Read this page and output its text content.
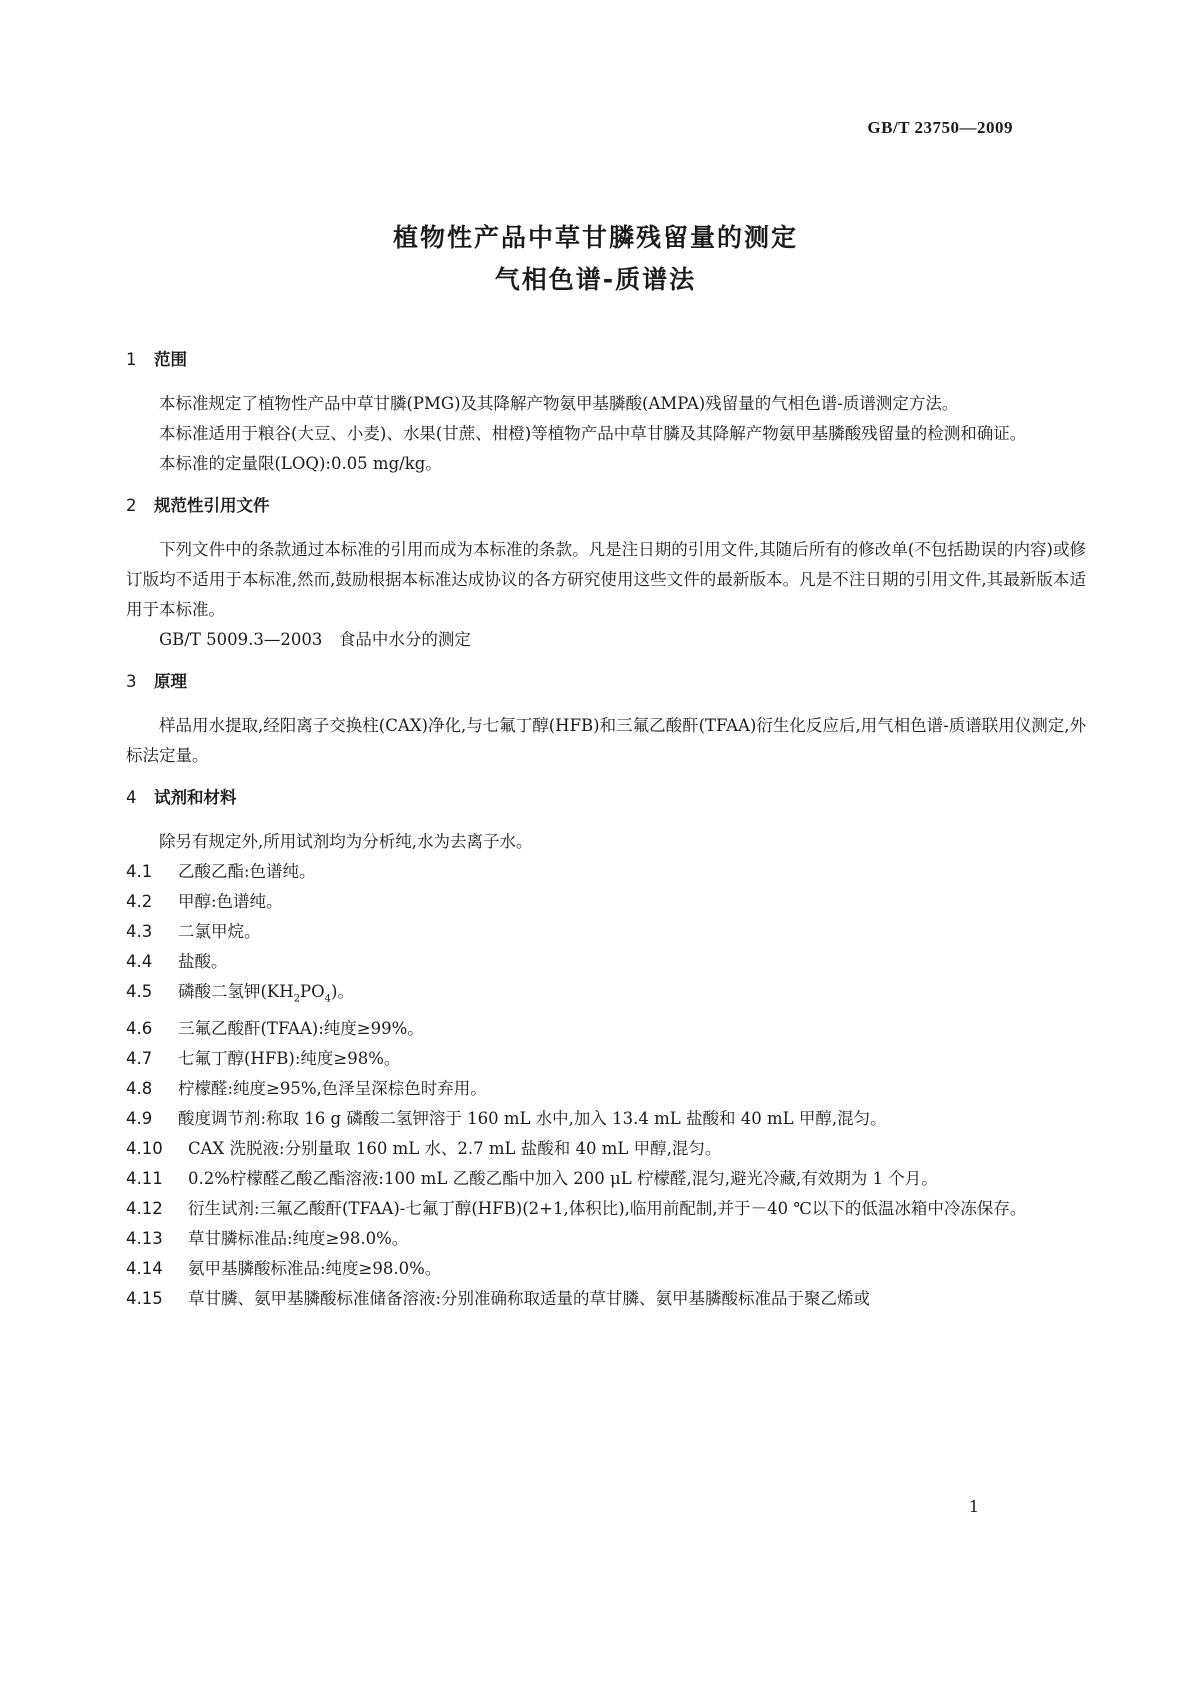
GB/T 23750—2009
植物性产品中草甘膦残留量的测定
气相色谱-质谱法
1 范围

本标准规定了植物性产品中草甘膦(PMG)及其降解产物氨甲基膦酸(AMPA)残留量的气相色谱-质谱测定方法。

本标准适用于粮谷(大豆、小麦)、水果(甘蔗、柑橙)等植物产品中草甘膦及其降解产物氨甲基膦酸残留量的检测和确证。

本标准的定量限(LOQ):0.05 mg/kg。

2 规范性引用文件

下列文件中的条款通过本标准的引用而成为本标准的条款。凡是注日期的引用文件,其随后所有的修改单(不包括勘误的内容)或修订版均不适用于本标准,然而,鼓励根据本标准达成协议的各方研究使用这些文件的最新版本。凡是不注日期的引用文件,其最新版本适用于本标准。

GB/T 5009.3—2003　食品中水分的测定

3 原理

样品用水提取,经阳离子交换柱(CAX)净化,与七氟丁醇(HFB)和三氟乙酸酐(TFAA)衍生化反应后,用气相色谱-质谱联用仪测定,外标法定量。

4 试剂和材料

除另有规定外,所用试剂均为分析纯,水为去离子水。

4.1 乙酸乙酯:色谱纯。

4.2 甲醇:色谱纯。

4.3 二氯甲烷。

4.4 盐酸。

4.5 磷酸二氢钾$(KH_2PO_4)$。

4.6 三氟乙酸酐(TFAA):纯度≥99%。

4.7 七氟丁醇(HFB):纯度≥98%。

4.8 柠檬醛:纯度≥95%,色泽呈深棕色时弃用。

4.9 酸度调节剂:称取 16 g 磷酸二氢钾溶于 160 mL 水中,加入 13.4 mL 盐酸和 40 mL 甲醇,混匀。

4.10 CAX 洗脱液:分别量取 160 mL 水、2.7 mL 盐酸和 40 mL 甲醇,混匀。

4.11 0.2%柠檬醛乙酸乙酯溶液:100 mL 乙酸乙酯中加入 200 μL 柠檬醛,混匀,避光冷藏,有效期为 1 个月。

4.12 衍生试剂:三氟乙酸酐(TFAA)-七氟丁醇(HFB)(2+1,体积比),临用前配制,并于－40 ℃以下的低温冰箱中冷冻保存。

4.13 草甘膦标准品:纯度≥98.0%。

4.14 氨甲基膦酸标准品:纯度≥98.0%。

4.15 草甘膦、氨甲基膦酸标准储备溶液:分别准确称取适量的草甘膦、氨甲基膦酸标准品于聚乙烯或

1
